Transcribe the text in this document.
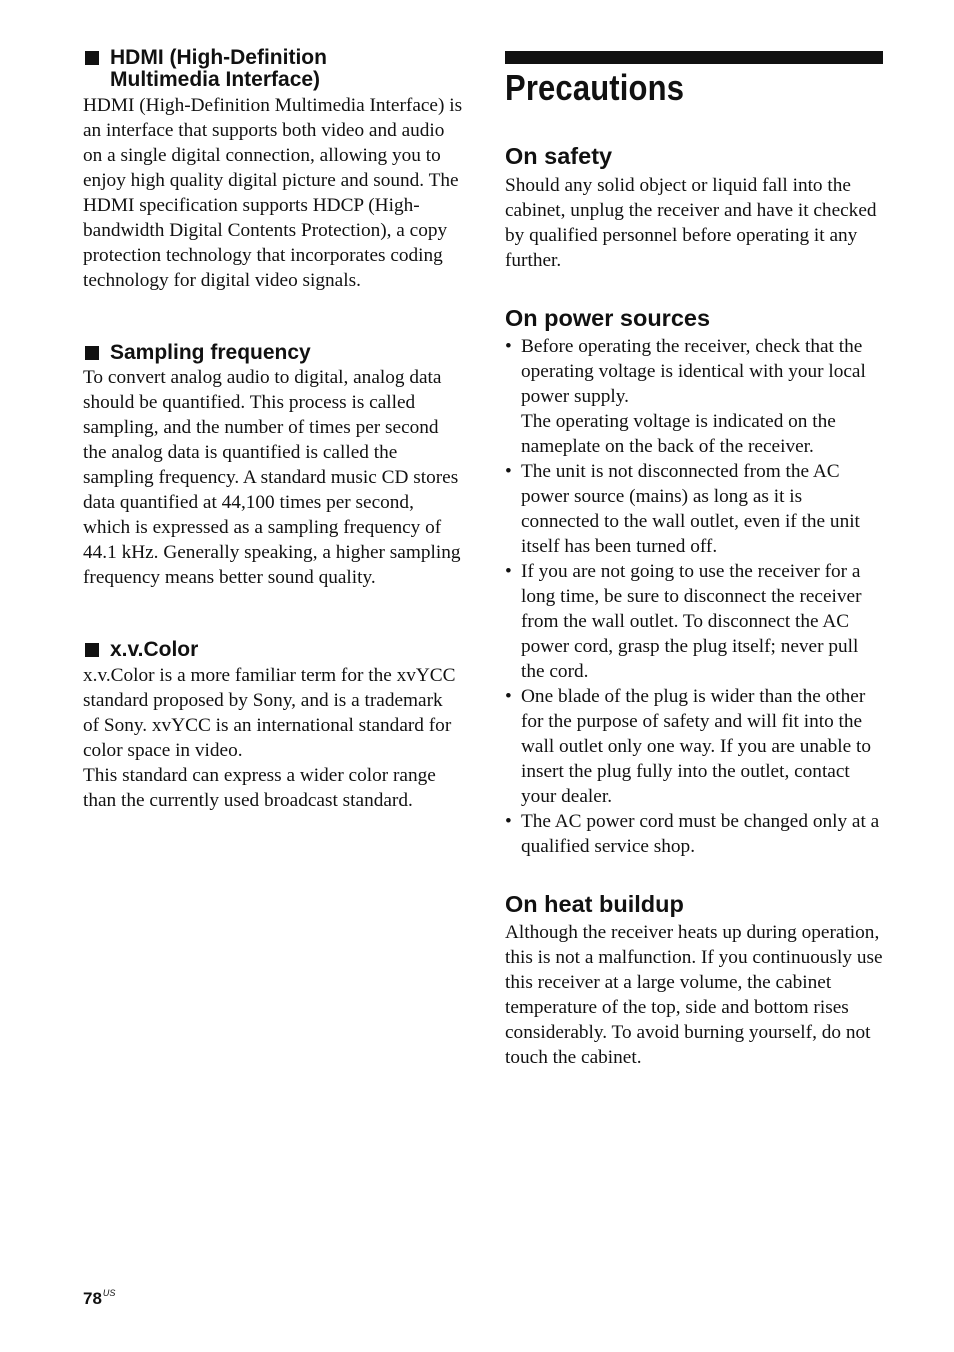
HDMI (High-Definition
Multimedia Interface)

HDMI (High-Definition Multimedia Interface) is an interface that supports both video and audio on a single digital connection, allowing you to enjoy high quality digital picture and sound. The HDMI specification supports HDCP (High-bandwidth Digital Contents Protection), a copy protection technology that incorporates coding technology for digital video signals.

Sampling frequency

To convert analog audio to digital, analog data should be quantified. This process is called sampling, and the number of times per second the analog data is quantified is called the sampling frequency. A standard music CD stores data quantified at 44,100 times per second, which is expressed as a sampling frequency of 44.1 kHz. Generally speaking, a higher sampling frequency means better sound quality.

x.v.Color

x.v.Color is a more familiar term for the xvYCC standard proposed by Sony, and is a trademark of Sony. xvYCC is an international standard for color space in video.

This standard can express a wider color range than the currently used broadcast standard.

Precautions
On safety

Should any solid object or liquid fall into the cabinet, unplug the receiver and have it checked by qualified personnel before operating it any further.

On power sources
• Before operating the receiver, check that the operating voltage is identical with your local power supply.
The operating voltage is indicated on the nameplate on the back of the receiver.
• The unit is not disconnected from the AC power source (mains) as long as it is connected to the wall outlet, even if the unit itself has been turned off.
• If you are not going to use the receiver for a long time, be sure to disconnect the receiver from the wall outlet. To disconnect the AC power cord, grasp the plug itself; never pull the cord.
• One blade of the plug is wider than the other for the purpose of safety and will fit into the wall outlet only one way. If you are unable to insert the plug fully into the outlet, contact your dealer.
• The AC power cord must be changed only at a qualified service shop.
On heat buildup

Although the receiver heats up during operation, this is not a malfunction. If you continuously use this receiver at a large volume, the cabinet temperature of the top, side and bottom rises considerably. To avoid burning yourself, do not touch the cabinet.

$78^{US}$
